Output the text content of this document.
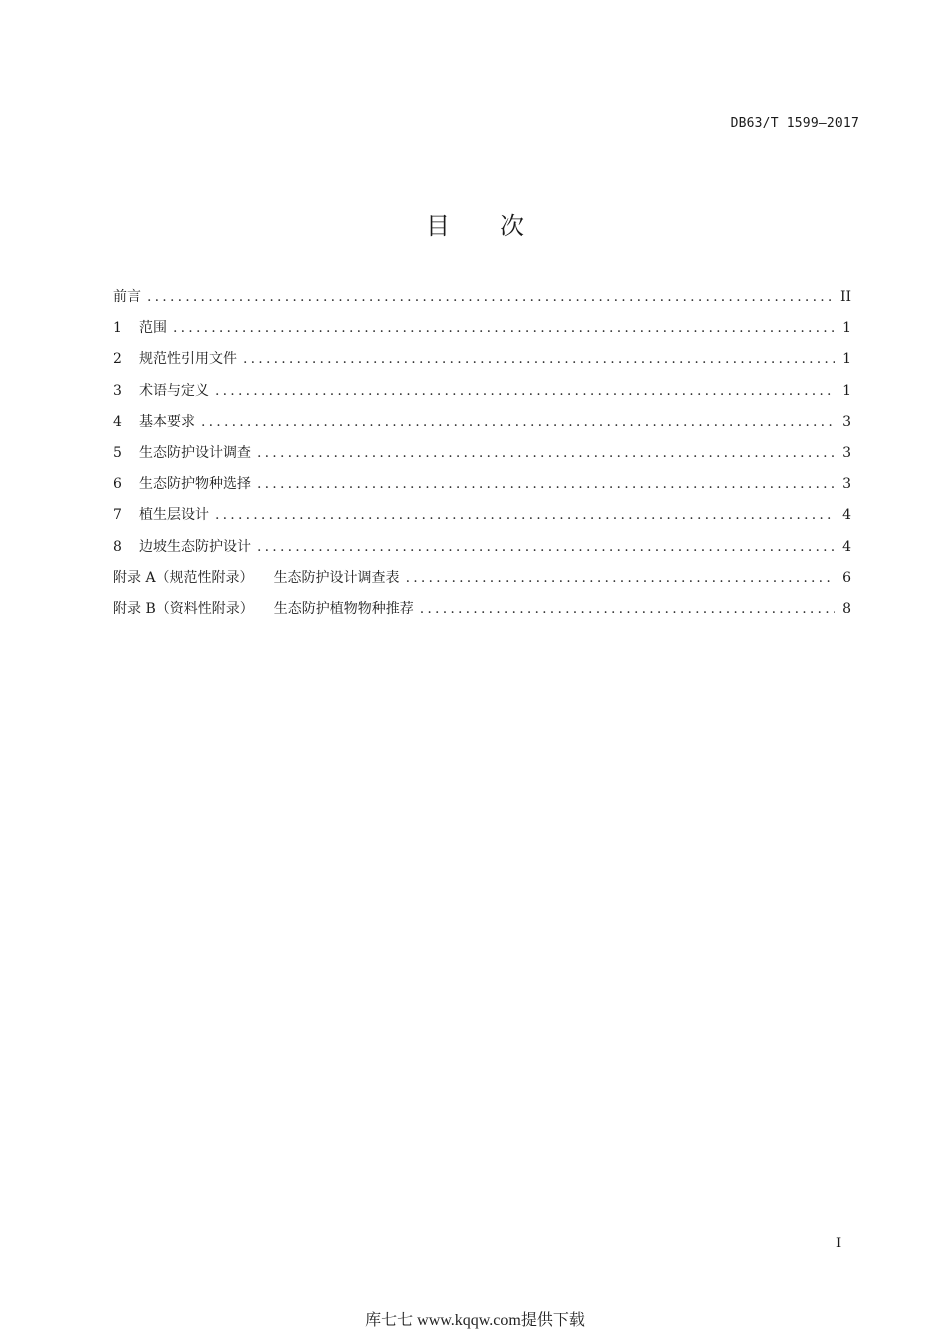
DB63/T 1599—2017
目 次
前言 .....	II
1 范围 .....	1
2 规范性引用文件 .....	1
3 术语与定义 .....	1
4 基本要求 .....	3
5 生态防护设计调查 .....	3
6 生态防护物种选择 .....	3
7 植生层设计 .....	4
8 边坡生态防护设计 .....	4
附录 A（规范性附录） 生态防护设计调查表 .....	6
附录 B（资料性附录） 生态防护植物物种推荐 .....	8
I
库七七 www.kqqw.com提供下载
